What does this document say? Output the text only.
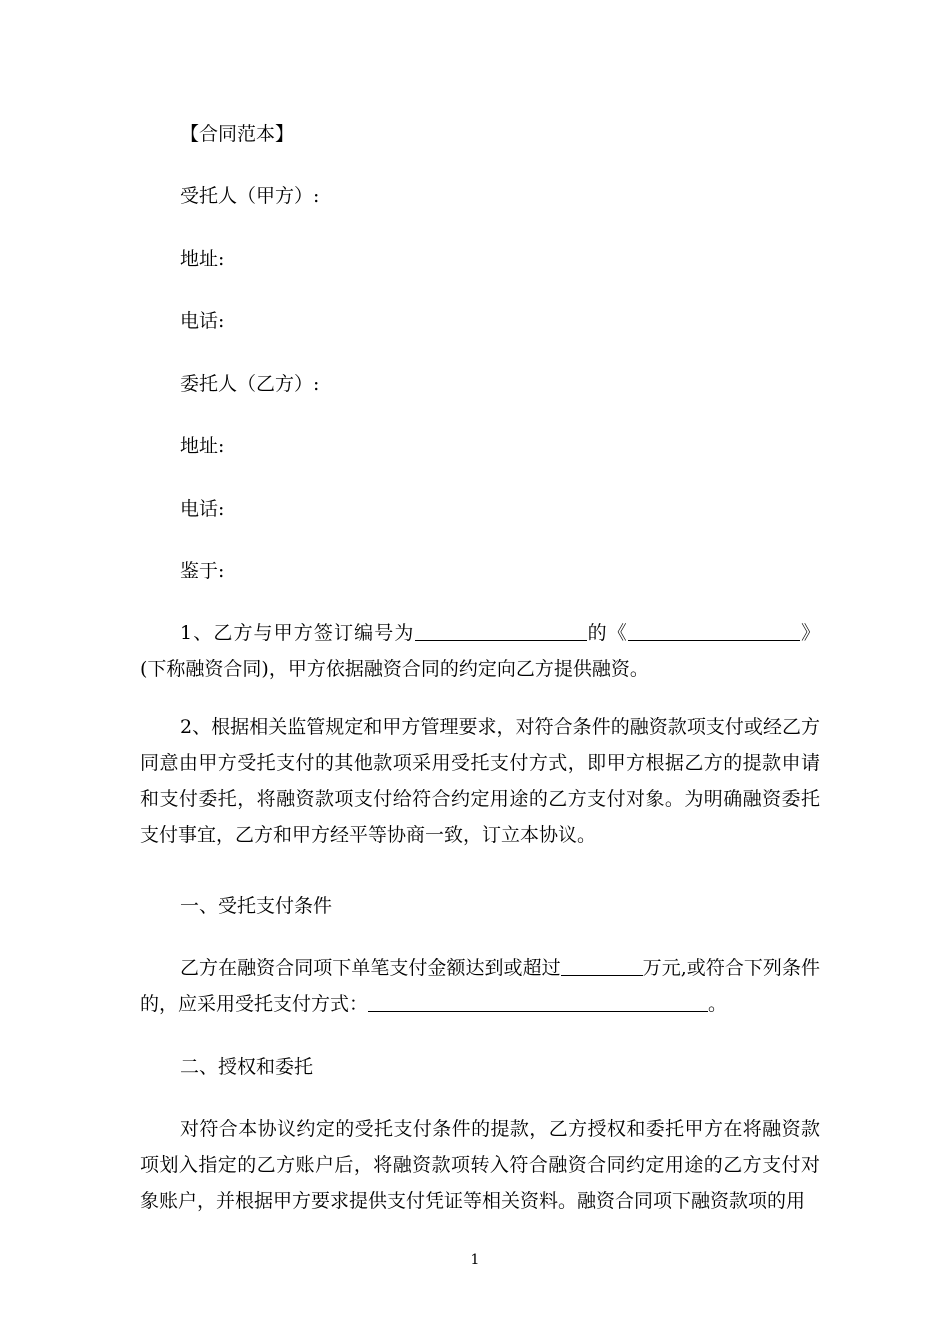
【合同范本】
受托人（甲方）:
地址:
电话:
委托人（乙方）:
地址:
电话:
鉴于:
1、乙方与甲方签订编号为	的《	》(下称融资合同)，甲方依据融资合同的约定向乙方提供融资。
2、根据相关监管规定和甲方管理要求，对符合条件的融资款项支付或经乙方同意由甲方受托支付的其他款项采用受托支付方式，即甲方根据乙方的提款申请和支付委托，将融资款项支付给符合约定用途的乙方支付对象。为明确融资委托支付事宜，乙方和甲方经平等协商一致，订立本协议。
一、受托支付条件
乙方在融资合同项下单笔支付金额达到或超过	万元,或符合下列条件的，应采用受托支付方式：	。
二、授权和委托
对符合本协议约定的受托支付条件的提款，乙方授权和委托甲方在将融资款项划入指定的乙方账户后，将融资款项转入符合融资合同约定用途的乙方支付对象账户，并根据甲方要求提供支付凭证等相关资料。融资合同项下融资款项的用
1
